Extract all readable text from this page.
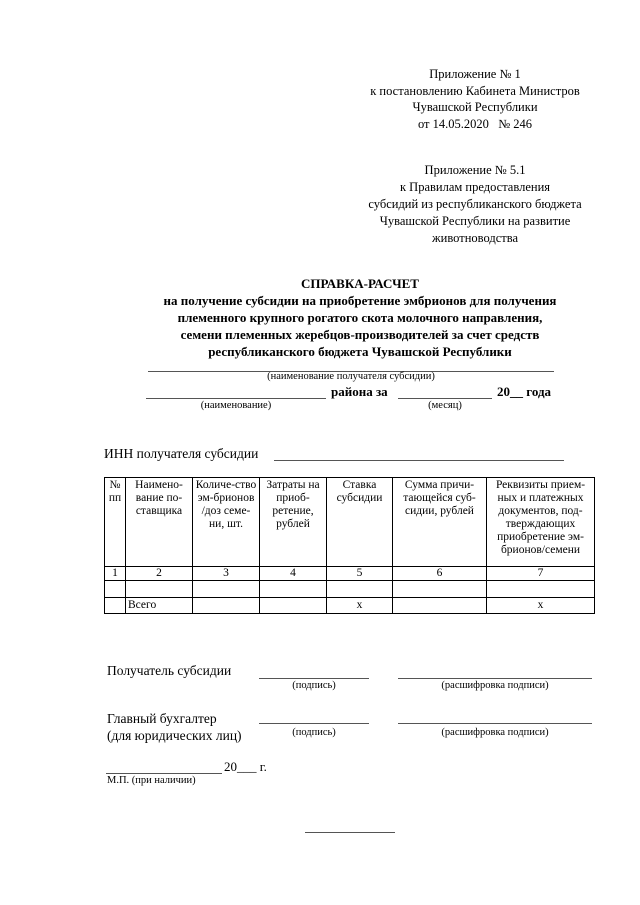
Приложение № 1
к постановлению Кабинета Министров
Чувашской Республики
от 14.05.2020   № 246
Приложение № 5.1
к Правилам предоставления
субсидий из республиканского бюджета
Чувашской Республики на развитие
животноводства
СПРАВКА-РАСЧЕТ
на получение субсидии на приобретение эмбрионов для получения
племенного крупного рогатого скота молочного направления,
семени племенных жеребцов-производителей за счет средств
республиканского бюджета Чувашской Республики
(наименование получателя субсидии)
района за	20__ года
(наименование)	(месяц)
ИНН получателя субсидии
№ пп	Наимено-вание по-ставщика	Количе-ство эм-брионов /доз семе-ни, шт.	Затраты на приоб-ретение, рублей	Ставка субсидии	Сумма причи-тающейся суб-сидии, рублей	Реквизиты прием-ных и платежных документов, под-тверждающих приобретение эм-брионов/семени
1	2	3	4	5	6	7

	Всего			х		х
Получатель субсидии
(подпись)	(расшифровка подписи)
Главный бухгалтер
(для юридических лиц)	(подпись)	(расшифровка подписи)
20___ г.
М.П. (при наличии)
